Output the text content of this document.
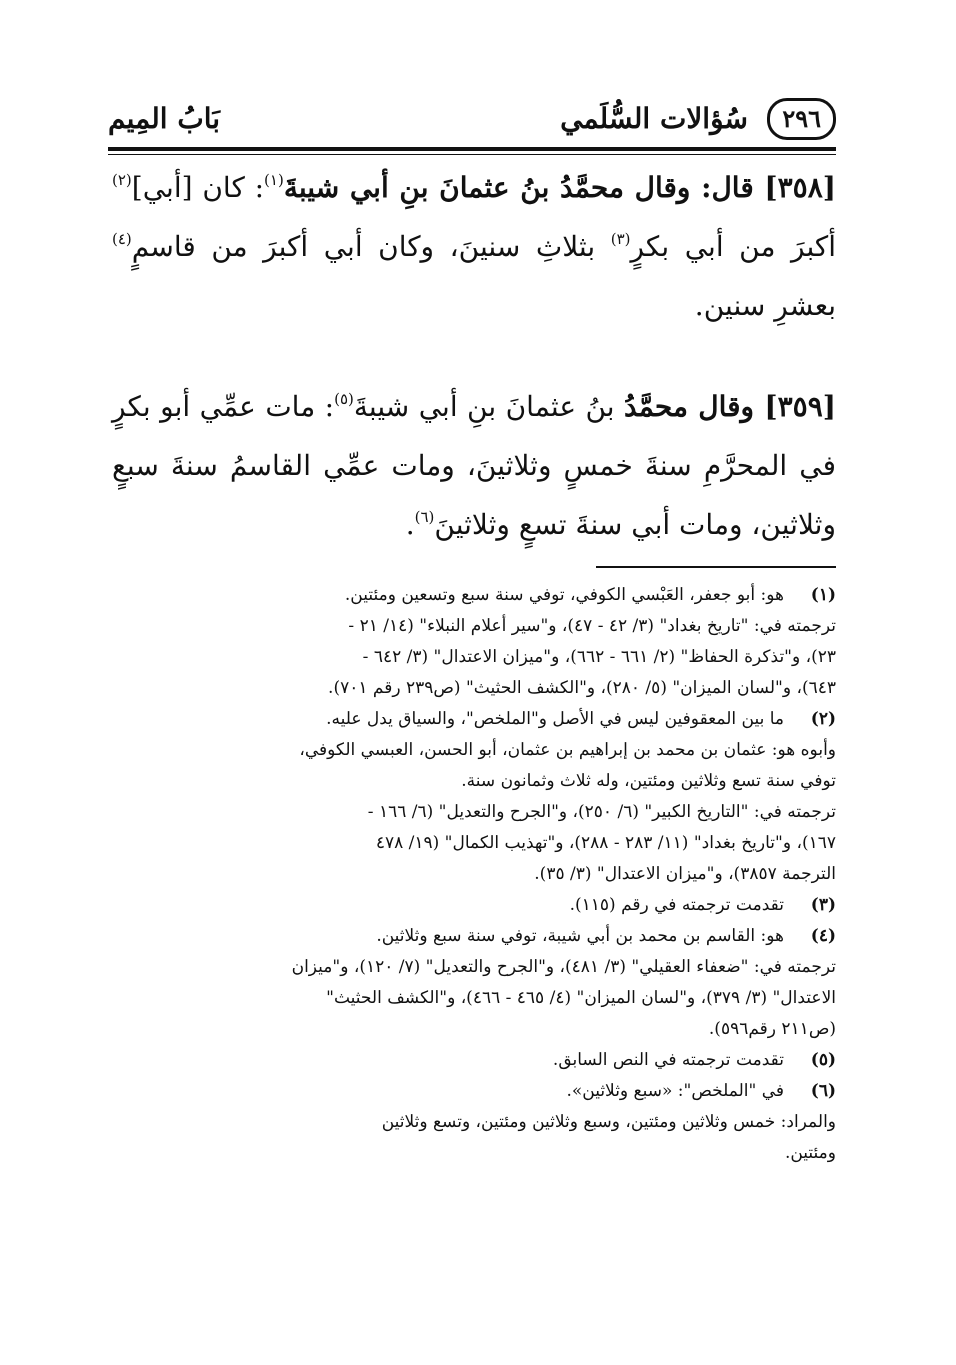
٢٩٦
سُؤالات السُّلَمي
بَابُ المِيم

[٣٥٨] قال: وقال محمَّدُ بنُ عثمانَ بنِ أبي شيبةَ$^{(١)}$: كان [أبي]$^{(٢)}$ أكبرَ من أبي بكرٍ$^{(٣)}$ بثلاثِ سنينَ، وكان أبي أكبرَ من قاسمٍ$^{(٤)}$ بعشرِ سنين.

[٣٥٩] وقال محمَّدُ بنُ عثمانَ بنِ أبي شيبةَ$^{(٥)}$: مات عمِّي أبو بكرٍ في المحرَّمِ سنةَ خمسٍ وثلاثينَ، ومات عمِّي القاسمُ سنةَ سبعٍ وثلاثين، ومات أبي سنةَ تسعٍ وثلاثينَ$^{(٦)}$.

(١)
هو: أبو جعفر، العَبْسي الكوفي، توفي سنة سبع وتسعين ومئتين.
ترجمته في: "تاريخ بغداد" (٣/ ٤٢ - ٤٧)، و"سير أعلام النبلاء" (١٤/ ٢١ -
٢٣)، و"تذكرة الحفاظ" (٢/ ٦٦١ - ٦٦٢)، و"ميزان الاعتدال" (٣/ ٦٤٢ -
٦٤٣)، و"لسان الميزان" (٥/ ٢٨٠)، و"الكشف الحثيث" (ص٢٣٩ رقم ٧٠١).
(٢)
ما بين المعقوفين ليس في الأصل و"الملخص"، والسياق يدل عليه.
وأبوه هو: عثمان بن محمد بن إبراهيم بن عثمان، أبو الحسن، العبسي الكوفي،
توفي سنة تسع وثلاثين ومئتين، وله ثلاث وثمانون سنة.
ترجمته في: "التاريخ الكبير" (٦/ ٢٥٠)، و"الجرح والتعديل" (٦/ ١٦٦ -
١٦٧)، و"تاريخ بغداد" (١١/ ٢٨٣ - ٢٨٨)، و"تهذيب الكمال" (١٩/ ٤٧٨
الترجمة ٣٨٥٧)، و"ميزان الاعتدال" (٣/ ٣٥).
(٣)
تقدمت ترجمته في رقم (١١٥).
(٤)
هو: القاسم بن محمد بن أبي شيبة، توفي سنة سبع وثلاثين.
ترجمته في: "ضعفاء العقيلي" (٣/ ٤٨١)، و"الجرح والتعديل" (٧/ ١٢٠)، و"ميزان
الاعتدال" (٣/ ٣٧٩)، و"لسان الميزان" (٤/ ٤٦٥ - ٤٦٦)، و"الكشف الحثيث"
(ص٢١١ رقم٥٩٦).
(٥)
تقدمت ترجمته في النص السابق.
(٦)
في "الملخص": «سبع وثلاثين».
والمراد: خمس وثلاثين ومئتين، وسبع وثلاثين ومئتين، وتسع وثلاثين
ومئتين.
